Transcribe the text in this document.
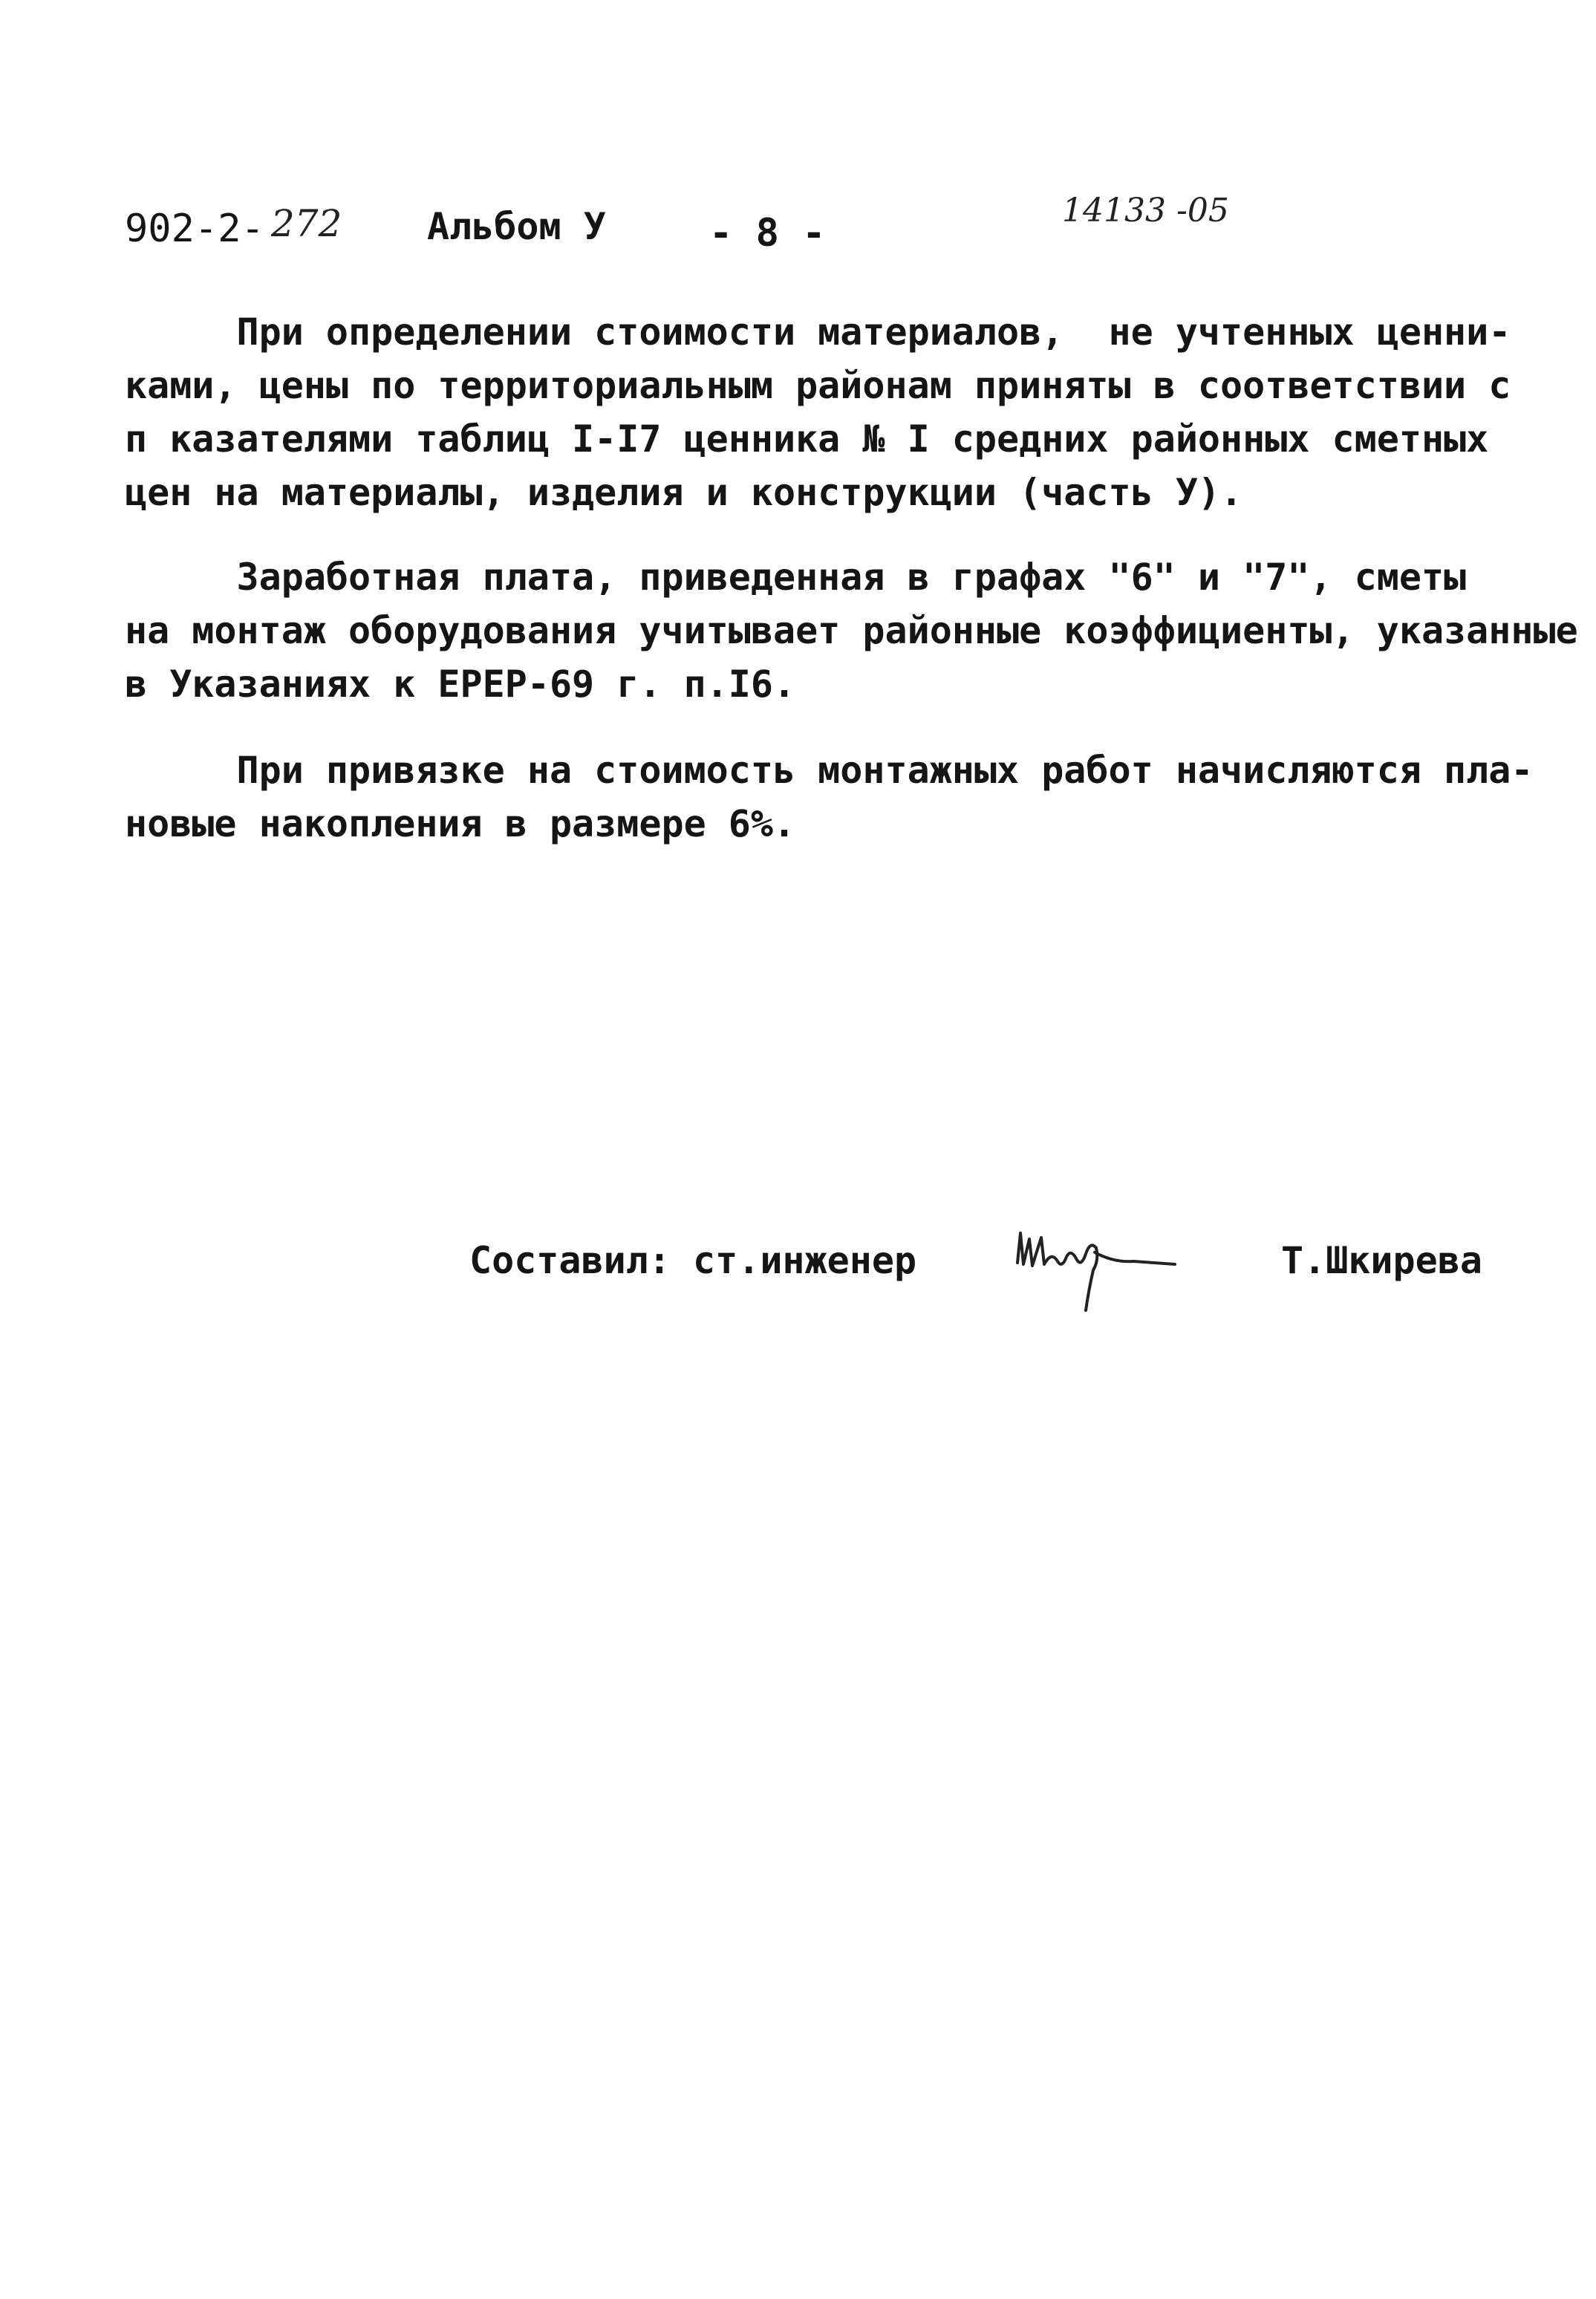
902-2- 272 Альбом У	- 8 -
14133 -05
При определении стоимости материалов,  не учтенных ценни-
ками, цены по территориальным районам приняты в соответствии с
п казателями таблиц I-I7 ценника № I средних районных сметных
цен на материалы, изделия и конструкции (часть У).
Заработная плата, приведенная в графах "6" и "7", сметы
на монтаж оборудования учитывает районные коэффициенты, указанные
в Указаниях к ЕРЕР-69 г. п.I6.
При привязке на стоимость монтажных работ начисляются пла-
новые накопления в размере 6%.
Составил: ст.инженер	Т.Шкирева
